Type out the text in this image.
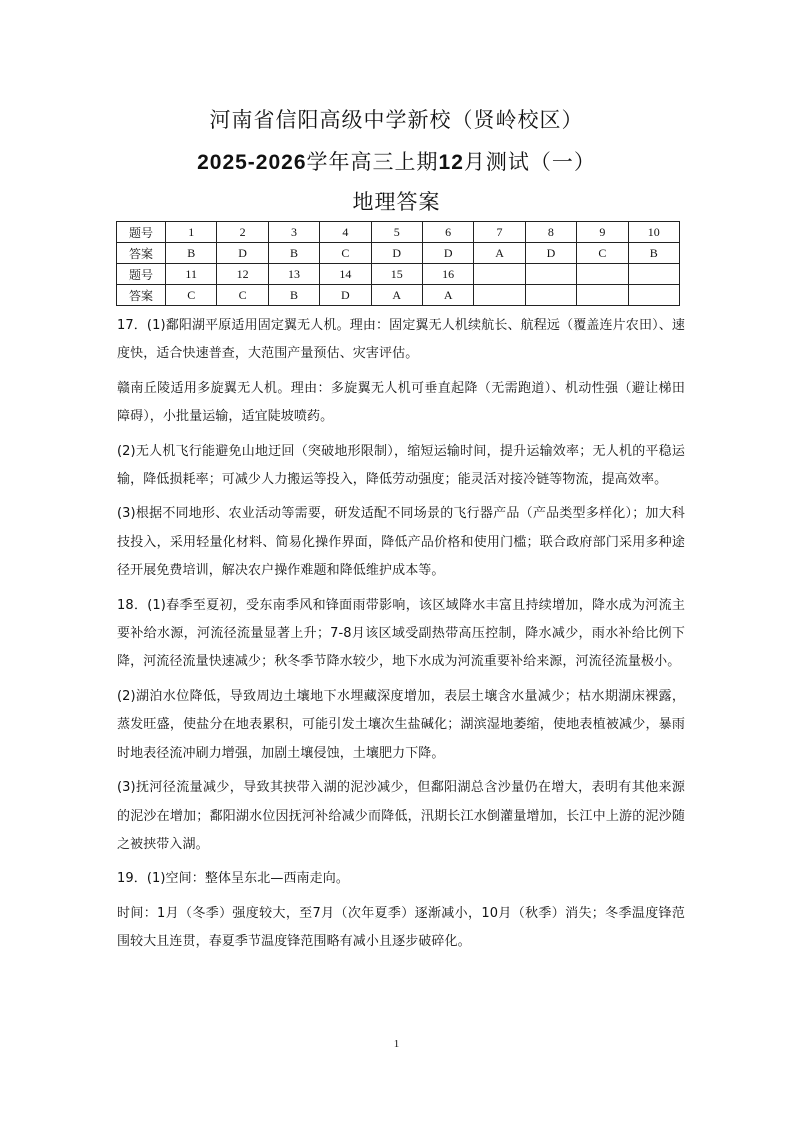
河南省信阳高级中学新校（贤岭校区）
2025-2026学年高三上期12月测试（一）
地理答案
题号	1	2	3	4	5	6	7	8	9	10
答案	B	D	B	C	D	D	A	D	C	B
题号	11	12	13	14	15	16				
答案	C	C	B	D	A	A				

17．(1)鄱阳湖平原适用固定翼无人机。理由：固定翼无人机续航长、航程远（覆盖连片农田）、速度快，适合快速普查，大范围产量预估、灾害评估。

赣南丘陵适用多旋翼无人机。理由：多旋翼无人机可垂直起降（无需跑道）、机动性强（避让梯田障碍），小批量运输，适宜陡坡喷药。

(2)无人机飞行能避免山地迂回（突破地形限制），缩短运输时间，提升运输效率；无人机的平稳运输，降低损耗率；可减少人力搬运等投入，降低劳动强度；能灵活对接冷链等物流，提高效率。

(3)根据不同地形、农业活动等需要，研发适配不同场景的飞行器产品（产品类型多样化）；加大科技投入，采用轻量化材料、简易化操作界面，降低产品价格和使用门槛；联合政府部门采用多种途径开展免费培训，解决农户操作难题和降低维护成本等。

18．(1)春季至夏初，受东南季风和锋面雨带影响，该区域降水丰富且持续增加，降水成为河流主要补给水源，河流径流量显著上升；7-8月该区域受副热带高压控制，降水减少，雨水补给比例下降，河流径流量快速减少；秋冬季节降水较少，地下水成为河流重要补给来源，河流径流量极小。

(2)湖泊水位降低，导致周边土壤地下水埋藏深度增加，表层土壤含水量减少；枯水期湖床裸露，蒸发旺盛，使盐分在地表累积，可能引发土壤次生盐碱化；湖滨湿地萎缩，使地表植被减少，暴雨时地表径流冲刷力增强，加剧土壤侵蚀，土壤肥力下降。

(3)抚河径流量减少，导致其挟带入湖的泥沙减少，但鄱阳湖总含沙量仍在增大，表明有其他来源的泥沙在增加；鄱阳湖水位因抚河补给减少而降低，汛期长江水倒灌量增加，长江中上游的泥沙随之被挟带入湖。

19．(1)空间：整体呈东北—西南走向。

时间：1月（冬季）强度较大，至7月（次年夏季）逐渐减小，10月（秋季）消失；冬季温度锋范围较大且连贯，春夏季节温度锋范围略有减小且逐步破碎化。

1
